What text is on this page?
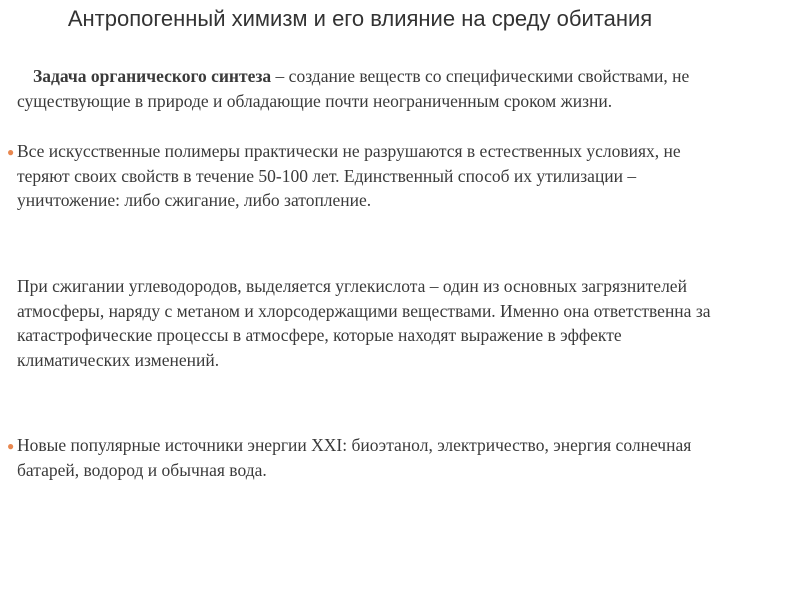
Антропогенный химизм и его влияние на среду обитания

Задача органического синтеза – создание веществ со специфическими свойствами, не существующие в природе и обладающие почти неограниченным сроком жизни.

● Все искусственные полимеры практически не разрушаются в естественных условиях, не теряют своих свойств в течение 50-100 лет. Единственный способ их утилизации – уничтожение: либо сжигание, либо затопление.

При сжигании углеводородов, выделяется углекислота – один из основных загрязнителей атмосферы, наряду с метаном и хлорсодержащими веществами. Именно она ответственна за катастрофические процессы в атмосфере, которые находят выражение в эффекте климатических изменений.

● Новые популярные источники энергии XXI: биоэтанол, электричество, энергия солнечная батарей, водород и обычная вода.
